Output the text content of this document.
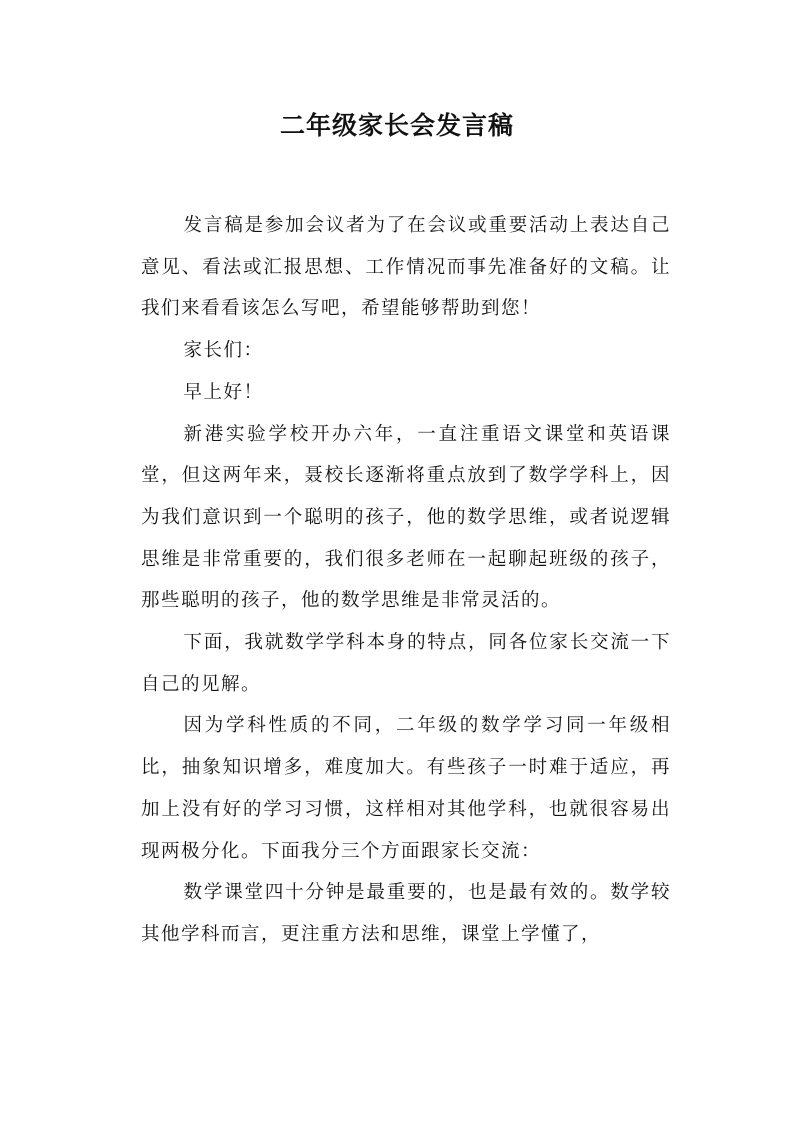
二年级家长会发言稿

发言稿是参加会议者为了在会议或重要活动上表达自己意见、看法或汇报思想、工作情况而事先准备好的文稿。让我们来看看该怎么写吧，希望能够帮助到您！

家长们：

早上好！

新港实验学校开办六年，一直注重语文课堂和英语课堂，但这两年来，聂校长逐渐将重点放到了数学学科上，因为我们意识到一个聪明的孩子，他的数学思维，或者说逻辑思维是非常重要的，我们很多老师在一起聊起班级的孩子，那些聪明的孩子，他的数学思维是非常灵活的。

下面，我就数学学科本身的特点，同各位家长交流一下自己的见解。

因为学科性质的不同，二年级的数学学习同一年级相比，抽象知识增多，难度加大。有些孩子一时难于适应，再加上没有好的学习习惯，这样相对其他学科，也就很容易出现两极分化。下面我分三个方面跟家长交流：

数学课堂四十分钟是最重要的，也是最有效的。数学较其他学科而言，更注重方法和思维，课堂上学懂了，
